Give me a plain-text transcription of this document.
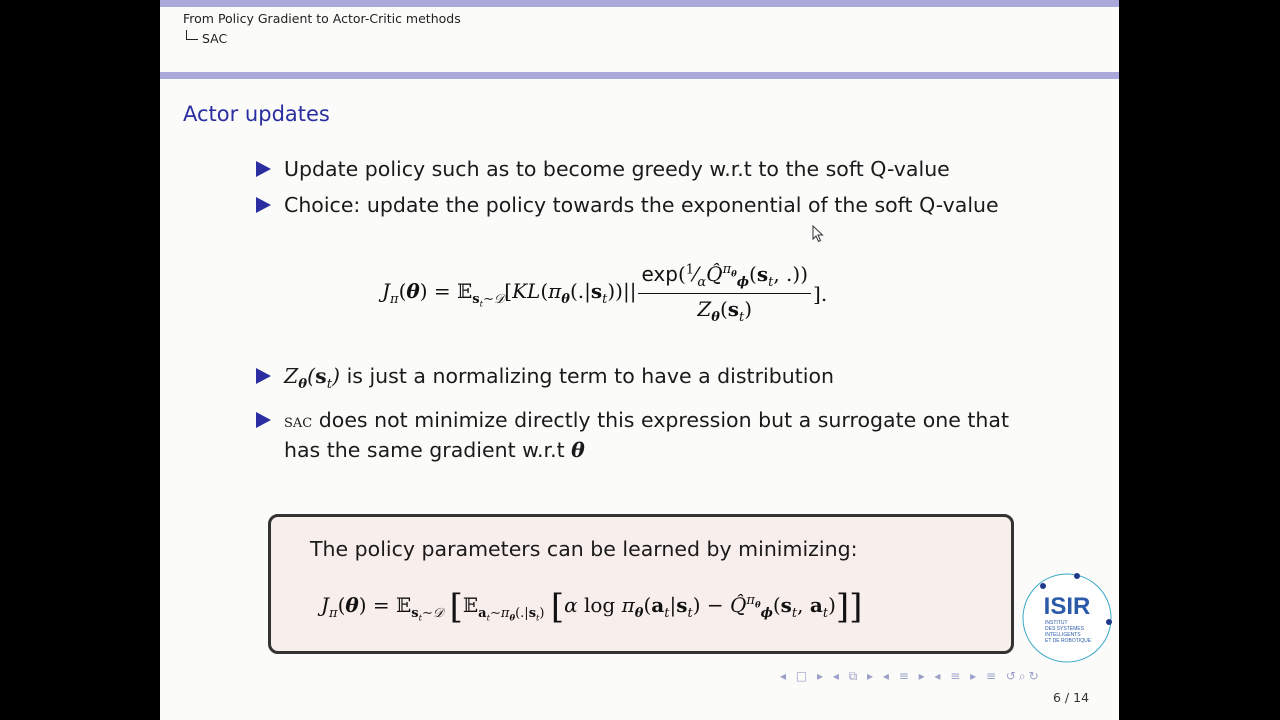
From Policy Gradient to Actor-Critic methods
SAC
Actor updates
Update policy such as to become greedy w.r.t to the soft Q-value
Choice: update the policy towards the exponential of the soft Q-value
$J_\pi(\theta)$ = $𝔼_{s_t\sim 𝒟}[KL(\pi_\theta(.|s_t))|| \frac{\exp(^1⁄_\alpha Q̂^{\pi_\theta}_\phi(s_t, .))}{Z_\theta(s_t)}$ ].
$Z_\theta(s_t)$ is just a normalizing term to have a distribution
sac does not minimize directly this expression but a surrogate one that
has the same gradient w.r.t θ
The policy parameters can be learned by minimizing:
$J_\pi(\theta)$ = 𝔼$_{s_t\sim 𝒟}$ [𝔼$_{a_t\sim\pi_\theta(.|s_t)}$ [α $\log \pi_\theta(a_t|s_t)$ − $Q̂^{\pi_\theta}_\phi(s_t$, $a_t$)]]	ISIR
INSTITUT
DES SYSTÈMES
INTELLIGENTS
ET DE ROBOTIQUE
◂ □ ▸ ◂ ⧉ ▸ ◂ ≡ ▸ ◂ ≡ ▸ ≡ ↺⌕↻
6 / 14
